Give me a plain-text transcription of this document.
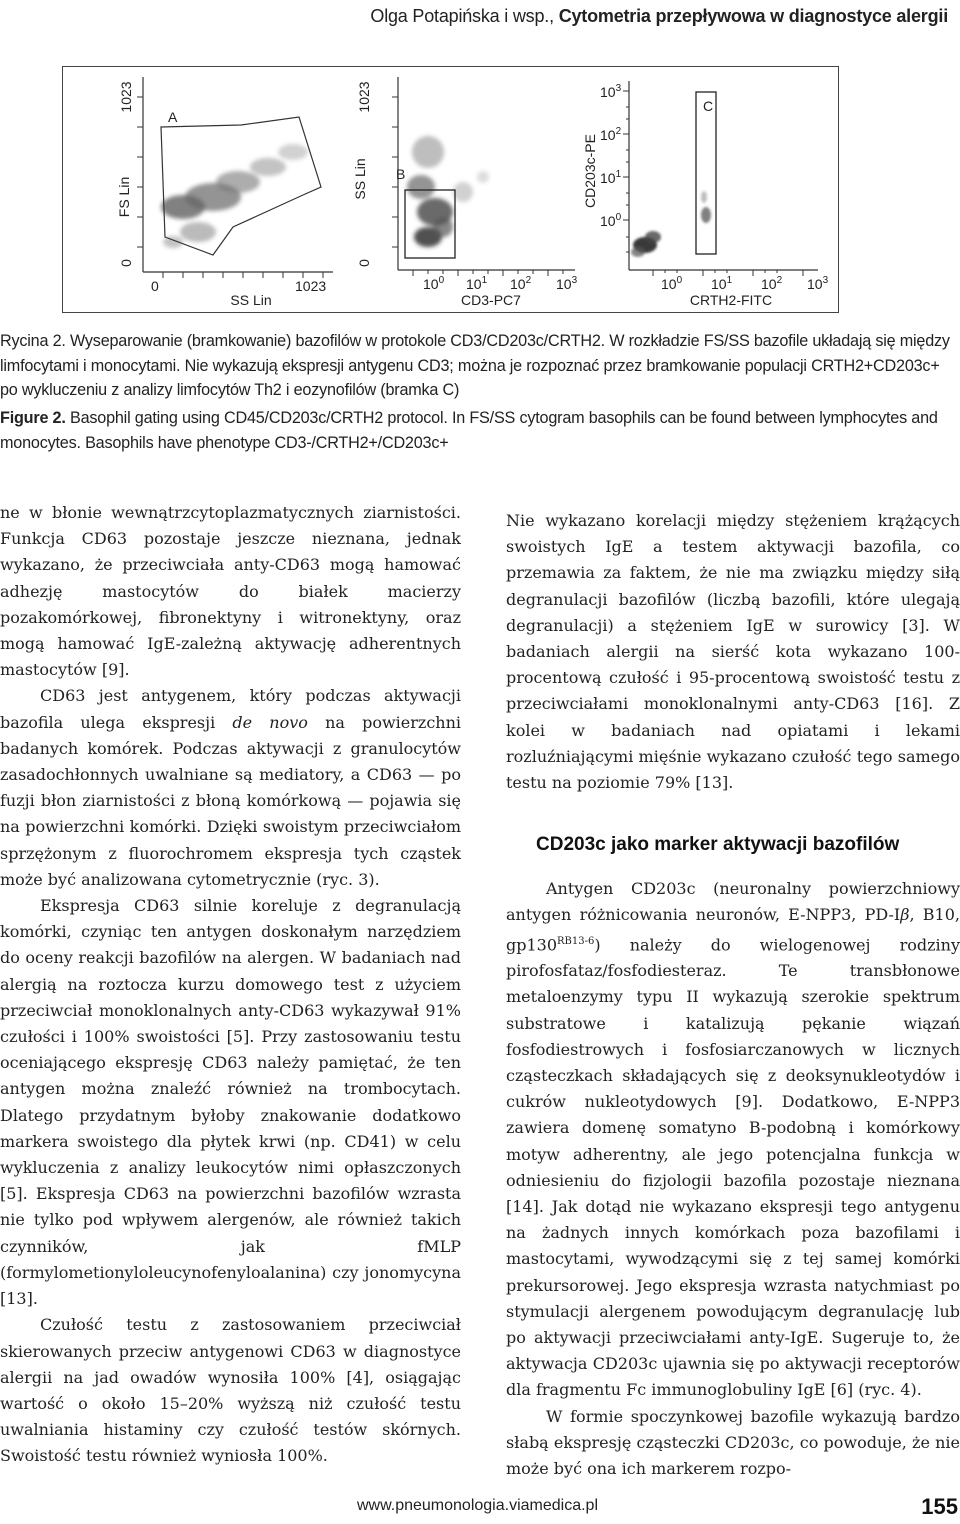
Olga Potapińska i wsp., Cytometria przepływowa w diagnostyce alergii
FS Lin
1023
0
0
SS Lin
1023
A
SS Lin
1023
0
B
$10^0$ $10^1$ $10^2$ $10^3$
CD3-PC7
CD203c-PE
$10^3$
$10^2$
$10^1$
$10^0$
C
$10^0$ $10^1$ $10^2$ $10^3$
CRTH2-FITC
Rycina 2. Wyseparowanie (bramkowanie) bazofilów w protokole CD3/CD203c/CRTH2. W rozkładzie FS/SS bazofile układają się między limfocytami i monocytami. Nie wykazują ekspresji antygenu CD3; można je rozpoznać przez bramkowanie populacji CRTH2+CD203c+ po wykluczeniu z analizy limfocytów Th2 i eozynofilów (bramka C)
Figure 2. Basophil gating using CD45/CD203c/CRTH2 protocol. In FS/SS cytogram basophils can be found between lymphocytes and monocytes. Basophils have phenotype CD3-/CRTH2+/CD203c+

ne w błonie wewnątrzcytoplazmatycznych ziarnistości. Funkcja CD63 pozostaje jeszcze nieznana, jednak wykazano, że przeciwciała anty-CD63 mogą hamować adhezję mastocytów do białek macierzy pozakomórkowej, fibronektyny i witronektyny, oraz mogą hamować IgE-zależną aktywację adherentnych mastocytów [9].

CD63 jest antygenem, który podczas aktywacji bazofila ulega ekspresji de novo na powierzchni badanych komórek. Podczas aktywacji z granulocytów zasadochłonnych uwalniane są mediatory, a CD63 — po fuzji błon ziarnistości z błoną komórkową — pojawia się na powierzchni komórki. Dzięki swoistym przeciwciałom sprzężonym z fluorochromem ekspresja tych cząstek może być analizowana cytometrycznie (ryc. 3).

Ekspresja CD63 silnie koreluje z degranulacją komórki, czyniąc ten antygen doskonałym narzędziem do oceny reakcji bazofilów na alergen. W badaniach nad alergią na roztocza kurzu domowego test z użyciem przeciwciał monoklonalnych anty-CD63 wykazywał 91% czułości i 100% swoistości [5]. Przy zastosowaniu testu oceniającego ekspresję CD63 należy pamiętać, że ten antygen można znaleźć również na trombocytach. Dlatego przydatnym byłoby znakowanie dodatkowo markera swoistego dla płytek krwi (np. CD41) w celu wykluczenia z analizy leukocytów nimi opłaszczonych [5]. Ekspresja CD63 na powierzchni bazofilów wzrasta nie tylko pod wpływem alergenów, ale również takich czynników, jak fMLP (formylometionyloleucynofenyloalanina) czy jonomycyna [13].

Czułość testu z zastosowaniem przeciwciał skierowanych przeciw antygenowi CD63 w diagnostyce alergii na jad owadów wynosiła 100% [4], osiągając wartość o około 15–20% wyższą niż czułość testu uwalniania histaminy czy czułość testów skórnych. Swoistość testu również wyniosła 100%.

Nie wykazano korelacji między stężeniem krążących swoistych IgE a testem aktywacji bazofila, co przemawia za faktem, że nie ma związku między siłą degranulacji bazofilów (liczbą bazofili, które ulegają degranulacji) a stężeniem IgE w surowicy [3]. W badaniach alergii na sierść kota wykazano 100-procentową czułość i 95-procentową swoistość testu z przeciwciałami monoklonalnymi anty-CD63 [16]. Z kolei w badaniach nad opiatami i lekami rozluźniającymi mięśnie wykazano czułość tego samego testu na poziomie 79% [13].

CD203c jako marker aktywacji bazofilów

Antygen CD203c (neuronalny powierzchniowy antygen różnicowania neuronów, E-NPP3, PD-Iβ, B10, $gp130^{RB13-6}$) należy do wielogenowej rodziny pirofosfataz/fosfodiesteraz. Te transbłonowe metaloenzymy typu II wykazują szerokie spektrum substratowe i katalizują pękanie wiązań fosfodiestrowych i fosfosiarczanowych w licznych cząsteczkach składających się z deoksynukleotydów i cukrów nukleotydowych [9]. Dodatkowo, E-NPP3 zawiera domenę somatyno B-podobną i komórkowy motyw adherentny, ale jego potencjalna funkcja w odniesieniu do fizjologii bazofila pozostaje nieznana [14]. Jak dotąd nie wykazano ekspresji tego antygenu na żadnych innych komórkach poza bazofilami i mastocytami, wywodzącymi się z tej samej komórki prekursorowej. Jego ekspresja wzrasta natychmiast po stymulacji alergenem powodującym degranulację lub po aktywacji przeciwciałami anty-IgE. Sugeruje to, że aktywacja CD203c ujawnia się po aktywacji receptorów dla fragmentu Fc immunoglobuliny IgE [6] (ryc. 4).

W formie spoczynkowej bazofile wykazują bardzo słabą ekspresję cząsteczki CD203c, co powoduje, że nie może być ona ich markerem rozpo-

www.pneumonologia.viamedica.pl	155
